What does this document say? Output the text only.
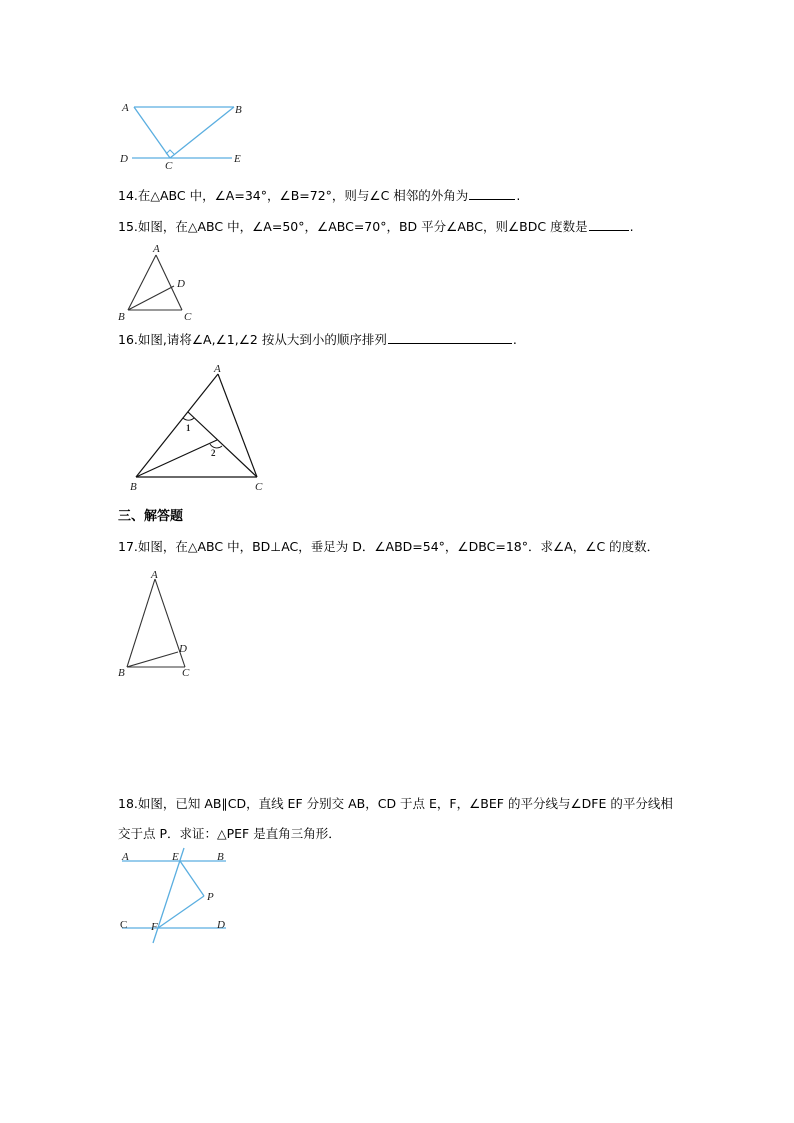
A	B
D
C
E
14.在△ABC 中，∠A=34°，∠B=72°，则与∠C 相邻的外角为	.
15.如图，在△ABC 中，∠A=50°，∠ABC=70°，BD 平分∠ABC，则∠BDC 度数是	.
A
D
B	C
16.如图,请将∠A,∠1,∠2 按从大到小的顺序排列	.
A
1
2
B	C
三、解答题
17.如图，在△ABC 中，BD⊥AC，垂足为 D．∠ABD=54°，∠DBC=18°．求∠A，∠C 的度数．
A
D
B	C
18.如图，已知 AB∥CD，直线 EF 分别交 AB，CD 于点 E，F，∠BEF 的平分线与∠DFE 的平分线相
交于点 P．求证：△PEF 是直角三角形．
A	E	B
P
C F	D
